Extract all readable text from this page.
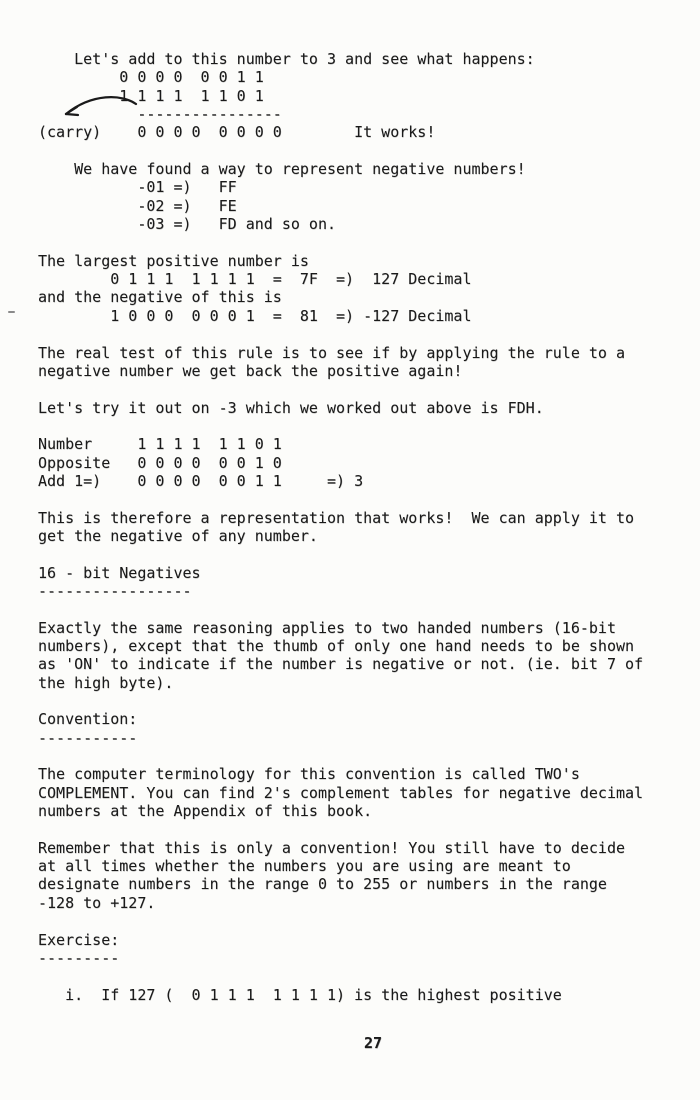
Let's add to this number to 3 and see what happens:
0 0 0 0  0 0 1 1
1 1 1 1  1 1 0 1
----------------
(carry)    0 0 0 0  0 0 0 0        It works!
We have found a way to represent negative numbers!
-01 =)   FF
-02 =)   FE
-03 =)   FD and so on.
The largest positive number is
0 1 1 1  1 1 1 1  =  7F  =)  127 Decimal
and the negative of this is
1 0 0 0  0 0 0 1  =  81  =) -127 Decimal
The real test of this rule is to see if by applying the rule to a
negative number we get back the positive again!
Let's try it out on -3 which we worked out above is FDH.
Number     1 1 1 1  1 1 0 1
Opposite   0 0 0 0  0 0 1 0
Add 1=)    0 0 0 0  0 0 1 1     =) 3
This is therefore a representation that works!  We can apply it to
get the negative of any number.
16 - bit Negatives
-----------------
Exactly the same reasoning applies to two handed numbers (16-bit
numbers), except that the thumb of only one hand needs to be shown
as 'ON' to indicate if the number is negative or not. (ie. bit 7 of
the high byte).
Convention:
-----------
The computer terminology for this convention is called TWO's
COMPLEMENT. You can find 2's complement tables for negative decimal
numbers at the Appendix of this book.
Remember that this is only a convention! You still have to decide
at all times whether the numbers you are using are meant to
designate numbers in the range 0 to 255 or numbers in the range
-128 to +127.
Exercise:
---------
i.  If 127 (  0 1 1 1  1 1 1 1) is the highest positive
27
